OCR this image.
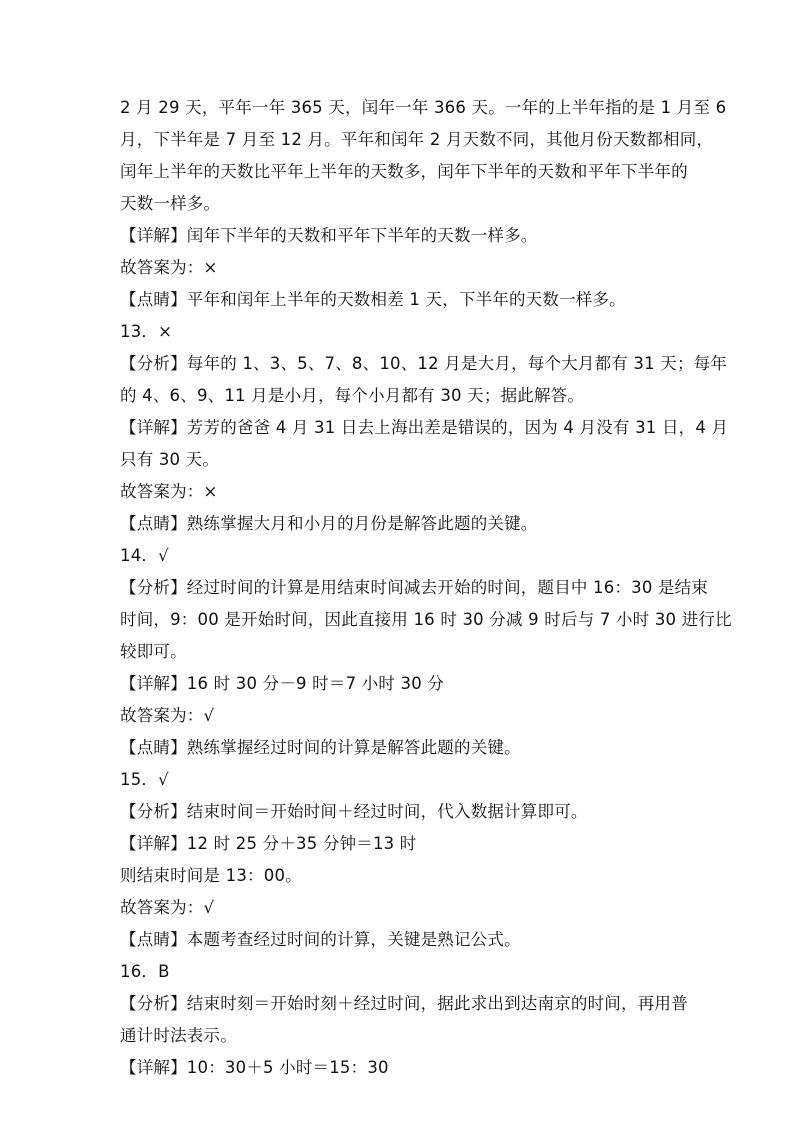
2 月 29 天，平年一年 365 天，闰年一年 366 天。一年的上半年指的是 1 月至 6
月，下半年是 7 月至 12 月。平年和闰年 2 月天数不同，其他月份天数都相同，
闰年上半年的天数比平年上半年的天数多，闰年下半年的天数和平年下半年的
天数一样多。
【详解】闰年下半年的天数和平年下半年的天数一样多。
故答案为：×
【点睛】平年和闰年上半年的天数相差 1 天，下半年的天数一样多。
13．×
【分析】每年的 1、3、5、7、8、10、12 月是大月，每个大月都有 31 天；每年
的 4、6、9、11 月是小月，每个小月都有 30 天；据此解答。
【详解】芳芳的爸爸 4 月 31 日去上海出差是错误的，因为 4 月没有 31 日，4 月
只有 30 天。
故答案为：×
【点睛】熟练掌握大月和小月的月份是解答此题的关键。
14．√
【分析】经过时间的计算是用结束时间减去开始的时间，题目中 16：30 是结束
时间，9：00 是开始时间，因此直接用 16 时 30 分减 9 时后与 7 小时 30 进行比
较即可。
【详解】16 时 30 分－9 时＝7 小时 30 分
故答案为：√
【点睛】熟练掌握经过时间的计算是解答此题的关键。
15．√
【分析】结束时间＝开始时间＋经过时间，代入数据计算即可。
【详解】12 时 25 分＋35 分钟＝13 时
则结束时间是 13：00。
故答案为：√
【点睛】本题考查经过时间的计算，关键是熟记公式。
16．B
【分析】结束时刻＝开始时刻＋经过时间，据此求出到达南京的时间，再用普
通计时法表示。
【详解】10：30＋5 小时＝15：30
